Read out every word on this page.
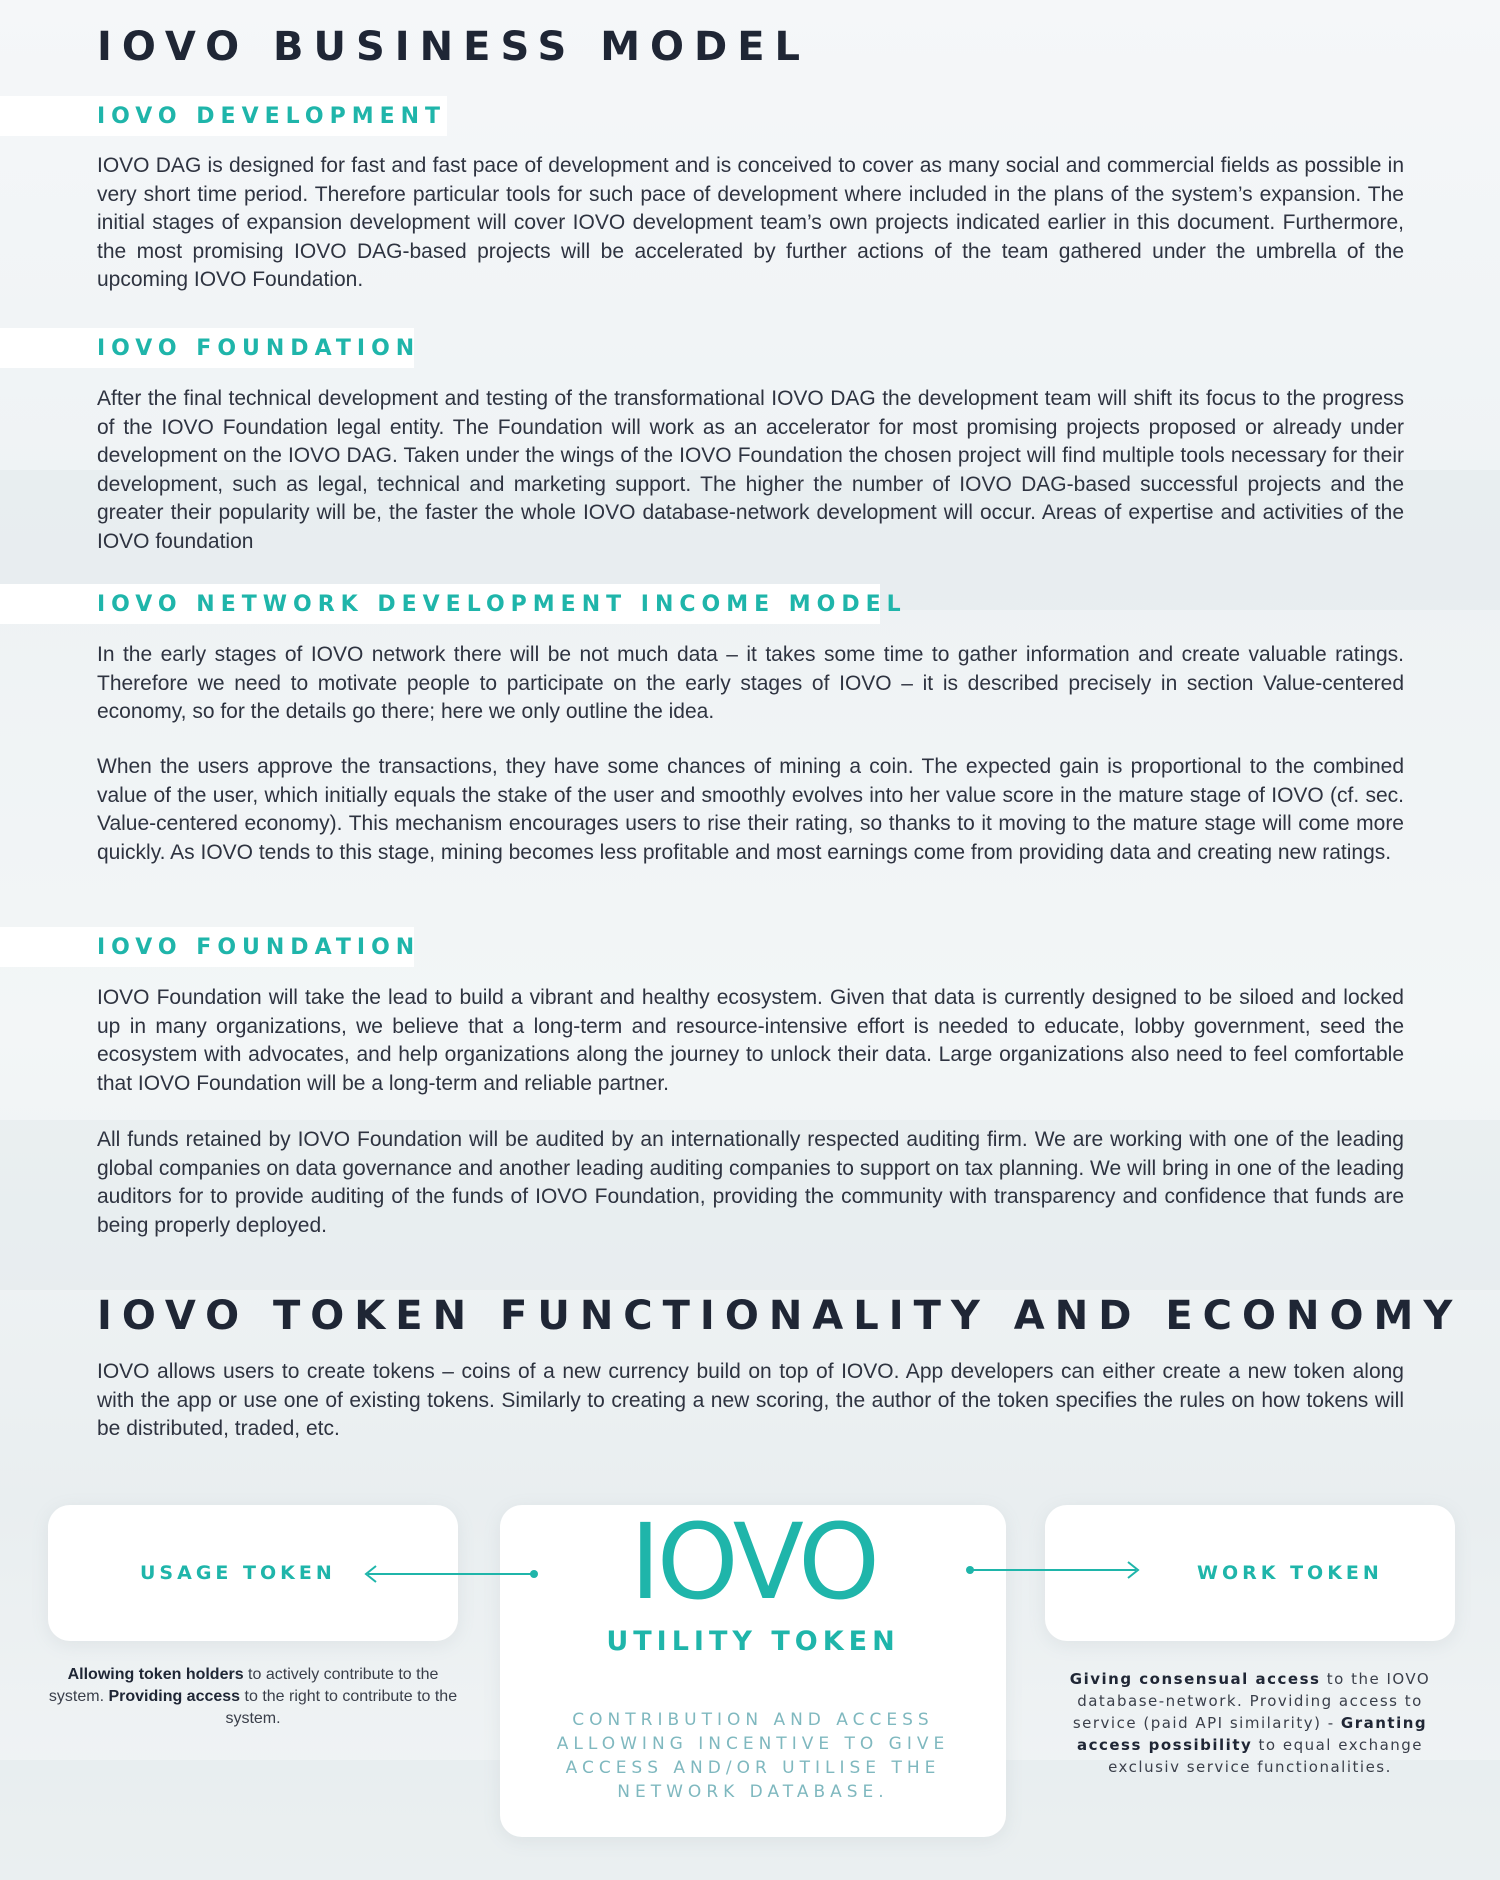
IOVO BUSINESS MODEL
IOVO DEVELOPMENT

IOVO DAG is designed for fast and fast pace of development and is conceived to cover as many social and commercial fields as possible in very short time period. Therefore particular tools for such pace of development where included in the plans of the system’s expansion. The initial stages of expansion development will cover IOVO development team’s own projects indicated earlier in this document. Furthermore, the most promising IOVO DAG-based projects will be accelerated by further actions of the team gathered under the umbrella of the upcoming IOVO Foundation.

IOVO FOUNDATION

After the final technical development and testing of the transformational IOVO DAG the development team will shift its focus to the progress of the IOVO Foundation legal entity. The Foundation will work as an accelerator for most promising projects proposed or already under development on the IOVO DAG. Taken under the wings of the IOVO Foundation the chosen project will find multiple tools necessary for their development, such as legal, technical and marketing support. The higher the number of IOVO DAG-based successful projects and the greater their popularity will be, the faster the whole IOVO database-network development will occur. Areas of expertise and activities of the IOVO foundation

IOVO NETWORK DEVELOPMENT INCOME MODEL

In the early stages of IOVO network there will be not much data – it takes some time to gather information and create valuable ratings. Therefore we need to motivate people to participate on the early stages of IOVO – it is described precisely in section Value-centered economy, so for the details go there; here we only outline the idea.

When the users approve the transactions, they have some chances of mining a coin. The expected gain is proportional to the combined value of the user, which initially equals the stake of the user and smoothly evolves into her value score in the mature stage of IOVO (cf. sec. Value-centered economy). This mechanism encourages users to rise their rating, so thanks to it moving to the mature stage will come more quickly. As IOVO tends to this stage, mining becomes less profitable and most earnings come from providing data and creating new ratings.

IOVO FOUNDATION

IOVO Foundation will take the lead to build a vibrant and healthy ecosystem. Given that data is currently designed to be siloed and locked up in many organizations, we believe that a long-term and resource-intensive effort is needed to educate, lobby government, seed the ecosystem with advocates, and help organizations along the journey to unlock their data. Large organizations also need to feel comfortable that IOVO Foundation will be a long-term and reliable partner.

All funds retained by IOVO Foundation will be audited by an internationally respected auditing firm. We are working with one of the leading global companies on data governance and another leading auditing companies to support on tax planning. We will bring in one of the leading auditors for to provide auditing of the funds of IOVO Foundation, providing the community with transparency and confidence that funds are being properly deployed.

IOVO TOKEN FUNCTIONALITY AND ECONOMY

IOVO allows users to create tokens – coins of a new currency build on top of IOVO. App developers can either create a new token along with the app or use one of existing tokens. Similarly to creating a new scoring, the author of the token specifies the rules on how tokens will be distributed, traded, etc.

USAGE TOKEN	WORK TOKEN
IOVO
UTILITY TOKEN
CONTRIBUTION AND ACCESS ALLOWING INCENTIVE TO GIVE ACCESS AND/OR UTILISE THE NETWORK DATABASE.
Allowing token holders to actively contribute to the system. Providing access to the right to contribute to the system.
Giving consensual access to the IOVO database-network. Providing access to service (paid API similarity) - Granting access possibility to equal exchange exclusiv service functionalities.
